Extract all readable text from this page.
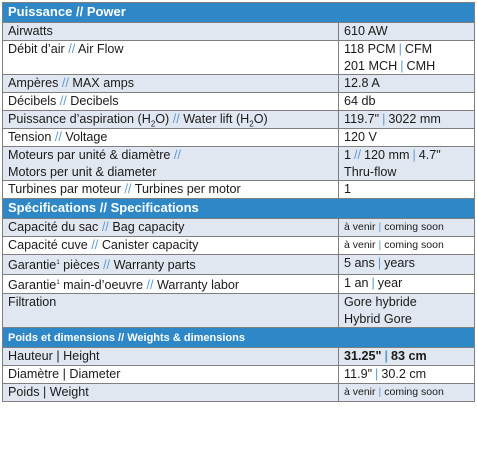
Puissance // Power	
Airwatts	610 AW
Débit d’air // Air Flow	118 PCM | CFM
201 MCH | CMH
Ampères // MAX amps	12.8 A
Décibels // Decibels	64 db
Puissance d’aspiration $(H_2O)$ // Water lift $(H_2O)$	119.7" | 3022 mm
Tension // Voltage	120 V
Moteurs par unité & diamètre //
Motors per unit & diameter	1 // 120 mm | 4.7"
Thru-flow
Turbines par moteur // Turbines per motor	1
Spécifications // Specifications	
Capacité du sac // Bag capacity	à venir | coming soon
Capacité cuve // Canister capacity	à venir | coming soon
Garantie$^1$ pièces // Warranty parts	5 ans | years
Garantie$^1$ main-d’oeuvre // Warranty labor	1 an | year
Filtration	Gore hybride
Hybrid Gore
Poids et dimensions // Weights & dimensions	
Hauteur | Height	31.25" | 83 cm
Diamètre | Diameter	11.9" | 30.2 cm
Poids | Weight	à venir | coming soon
